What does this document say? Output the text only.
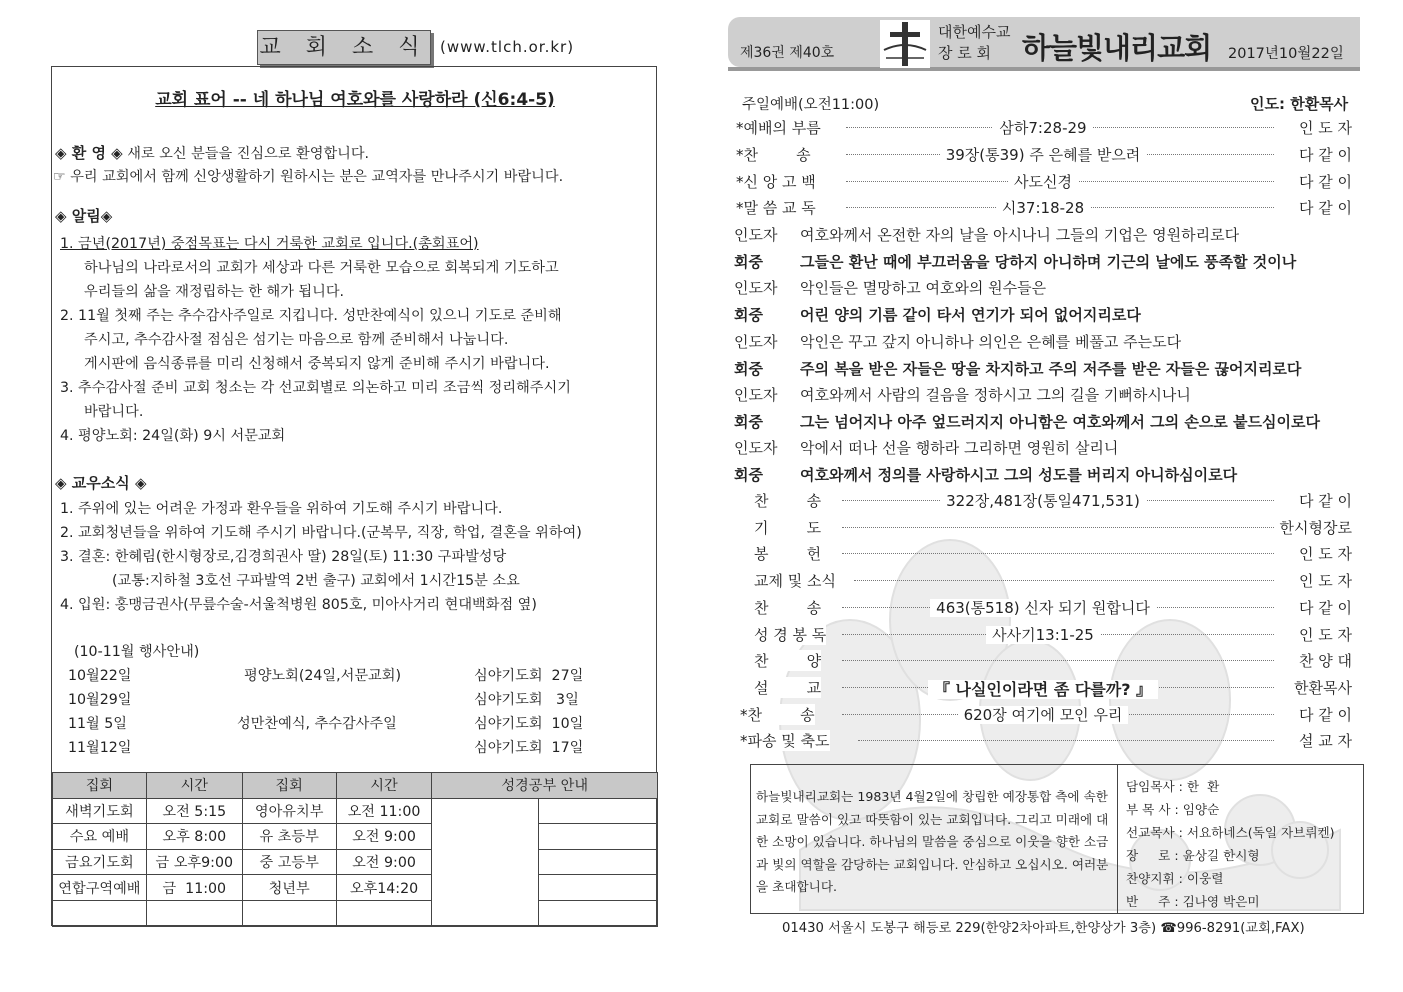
교 회 소 식 (www.tlch.or.kr)
교회 표어 -- 네 하나님 여호와를 사랑하라 (신6:4-5)
◈ 환 영 ◈ 새로 오신 분들을 진심으로 환영합니다.
☞ 우리 교회에서 함께 신앙생활하기 원하시는 분은 교역자를 만나주시기 바랍니다.
◈ 알림◈
1. 금년(2017년) 중점목표는 다시 거룩한 교회로 입니다.(총회표어)
하나님의 나라로서의 교회가 세상과 다른 거룩한 모습으로 회복되게 기도하고
우리들의 삶을 재정립하는 한 해가 됩니다.
2. 11월 첫째 주는 추수감사주일로 지킵니다. 성만찬예식이 있으니 기도로 준비해
주시고, 추수감사절 점심은 섬기는 마음으로 함께 준비해서 나눕니다.
게시판에 음식종류를 미리 신청해서 중복되지 않게 준비해 주시기 바랍니다.
3. 추수감사절 준비 교회 청소는 각 선교회별로 의논하고 미리 조금씩 정리해주시기
바랍니다.
4. 평양노회: 24일(화) 9시 서문교회
◈ 교우소식 ◈
1. 주위에 있는 어려운 가정과 환우들을 위하여 기도해 주시기 바랍니다.
2. 교회청년들을 위하여 기도해 주시기 바랍니다.(군복무, 직장, 학업, 결혼을 위하여)
3. 결혼: 한혜림(한시형장로,김경희권사 딸) 28일(토) 11:30 구파발성당
(교통:지하철 3호선 구파발역 2번 출구) 교회에서 1시간15분 소요
4. 입원: 홍맹금권사(무릎수술-서울척병원 805호, 미아사거리 현대백화점 옆)
(10-11월 행사안내)
10월22일	평양노회(24일,서문교회)	심야기도회  27일
10월29일	심야기도회   3일
11월 5일	성만찬예식, 추수감사주일	심야기도회  10일
11월12일	심야기도회  17일
집회	시간	집회	시간	성경공부 안내	
새벽기도회	오전 5:15	영아유치부	오전 11:00		
수요 예배	오후 8:00	유 초등부	오전 9:00		
금요기도회	금 오후9:00	중 고등부	오전 9:00		
연합구역예배	금  11:00	청년부	오후14:20		

제36권 제40호
대한예수교
장 로 회	하늘빛내리교회 2017년10월22일
주일예배(오전11:00)	인도: 한환목사
*예배의 부름	삼하7:28-29	인 도 자
*찬        송	39장(통39) 주 은혜를 받으려	다 같 이
*신 앙 고 백	사도신경	다 같 이
*말 씀 교 독	시37:18-28	다 같 이
인도자 여호와께서 온전한 자의 날을 아시나니 그들의 기업은 영원하리로다
회중 그들은 환난 때에 부끄러움을 당하지 아니하며 기근의 날에도 풍족할 것이나
인도자 악인들은 멸망하고 여호와의 원수들은
회중 어린 양의 기름 같이 타서 연기가 되어 없어지리로다
인도자 악인은 꾸고 갚지 아니하나 의인은 은혜를 베풀고 주는도다
회중 주의 복을 받은 자들은 땅을 차지하고 주의 저주를 받은 자들은 끊어지리로다
인도자 여호와께서 사람의 걸음을 정하시고 그의 길을 기뻐하시나니
회중 그는 넘어지나 아주 엎드러지지 아니함은 여호와께서 그의 손으로 붙드심이로다
인도자 악에서 떠나 선을 행하라 그리하면 영원히 살리니
회중 여호와께서 정의를 사랑하시고 그의 성도를 버리지 아니하심이로다
찬        송	322장,481장(통일471,531)	다 같 이
기        도	한시형장로
봉        헌	인 도 자
교제 및 소식	인 도 자
찬        송	463(통518) 신자 되기 원합니다	다 같 이
성 경 봉 독	사사기13:1-25	인 도 자
찬        양	찬 양 대
설        교	『 나실인이라면 좀 다를까? 』	한환목사
*찬        송	620장 여기에 모인 우리	다 같 이
*파송 및 축도	설 교 자
하늘빛내리교회는 1983년 4월2일에 창립한 예장통합 측에 속한 교회로 말씀이 있고 따뜻함이 있는 교회입니다. 그리고 미래에 대한 소망이 있습니다. 하나님의 말씀을 중심으로 이웃을 향한 소금과 빛의 역할을 감당하는 교회입니다. 안심하고 오십시오. 여러분을 초대합니다.
담임목사 : 한  환
부 목 사 : 임양순
선교목사 : 서요하네스(독일 자브뤼켄)
장     로 : 윤상길 한시형
찬양지휘 : 이웅렬
반     주 : 김나영 박은미
01430 서울시 도봉구 해등로 229(한양2차아파트,한양상가 3층) ☎996-8291(교회,FAX)
